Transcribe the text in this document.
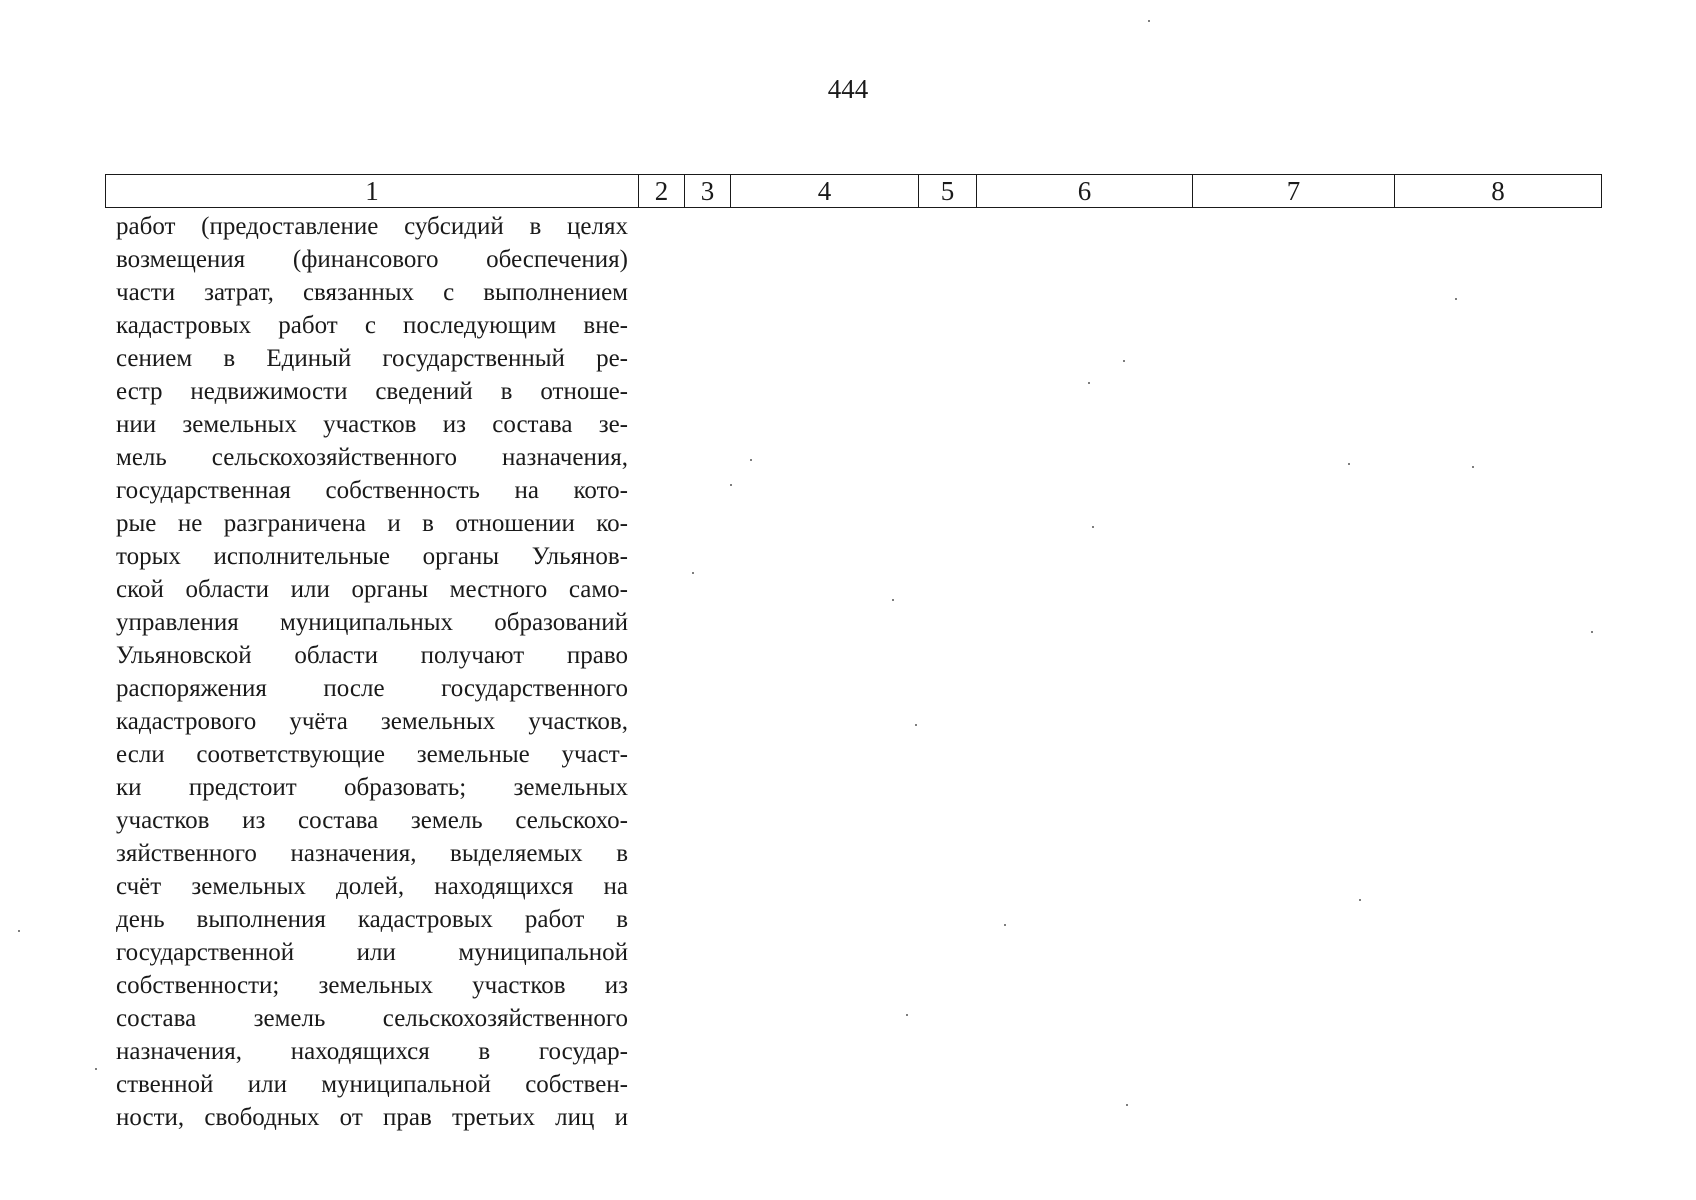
444
1	2	3	4	5	6	7	8
работ (предоставление субсидий в целях
возмещения (финансового обеспечения)
части затрат, связанных с выполнением
кадастровых работ с последующим вне-
сением в Единый государственный ре-
естр недвижимости сведений в отноше-
нии земельных участков из состава зе-
мель сельскохозяйственного назначения,
государственная собственность на кото-
рые не разграничена и в отношении ко-
торых исполнительные органы Ульянов-
ской области или органы местного само-
управления муниципальных образований
Ульяновской области получают право
распоряжения после государственного
кадастрового учёта земельных участков,
если соответствующие земельные участ-
ки предстоит образовать; земельных
участков из состава земель сельскохо-
зяйственного назначения, выделяемых в
счёт земельных долей, находящихся на
день выполнения кадастровых работ в
государственной или муниципальной
собственности; земельных участков из
состава земель сельскохозяйственного
назначения, находящихся в государ-
ственной или муниципальной собствен-
ности, свободных от прав третьих лиц и
